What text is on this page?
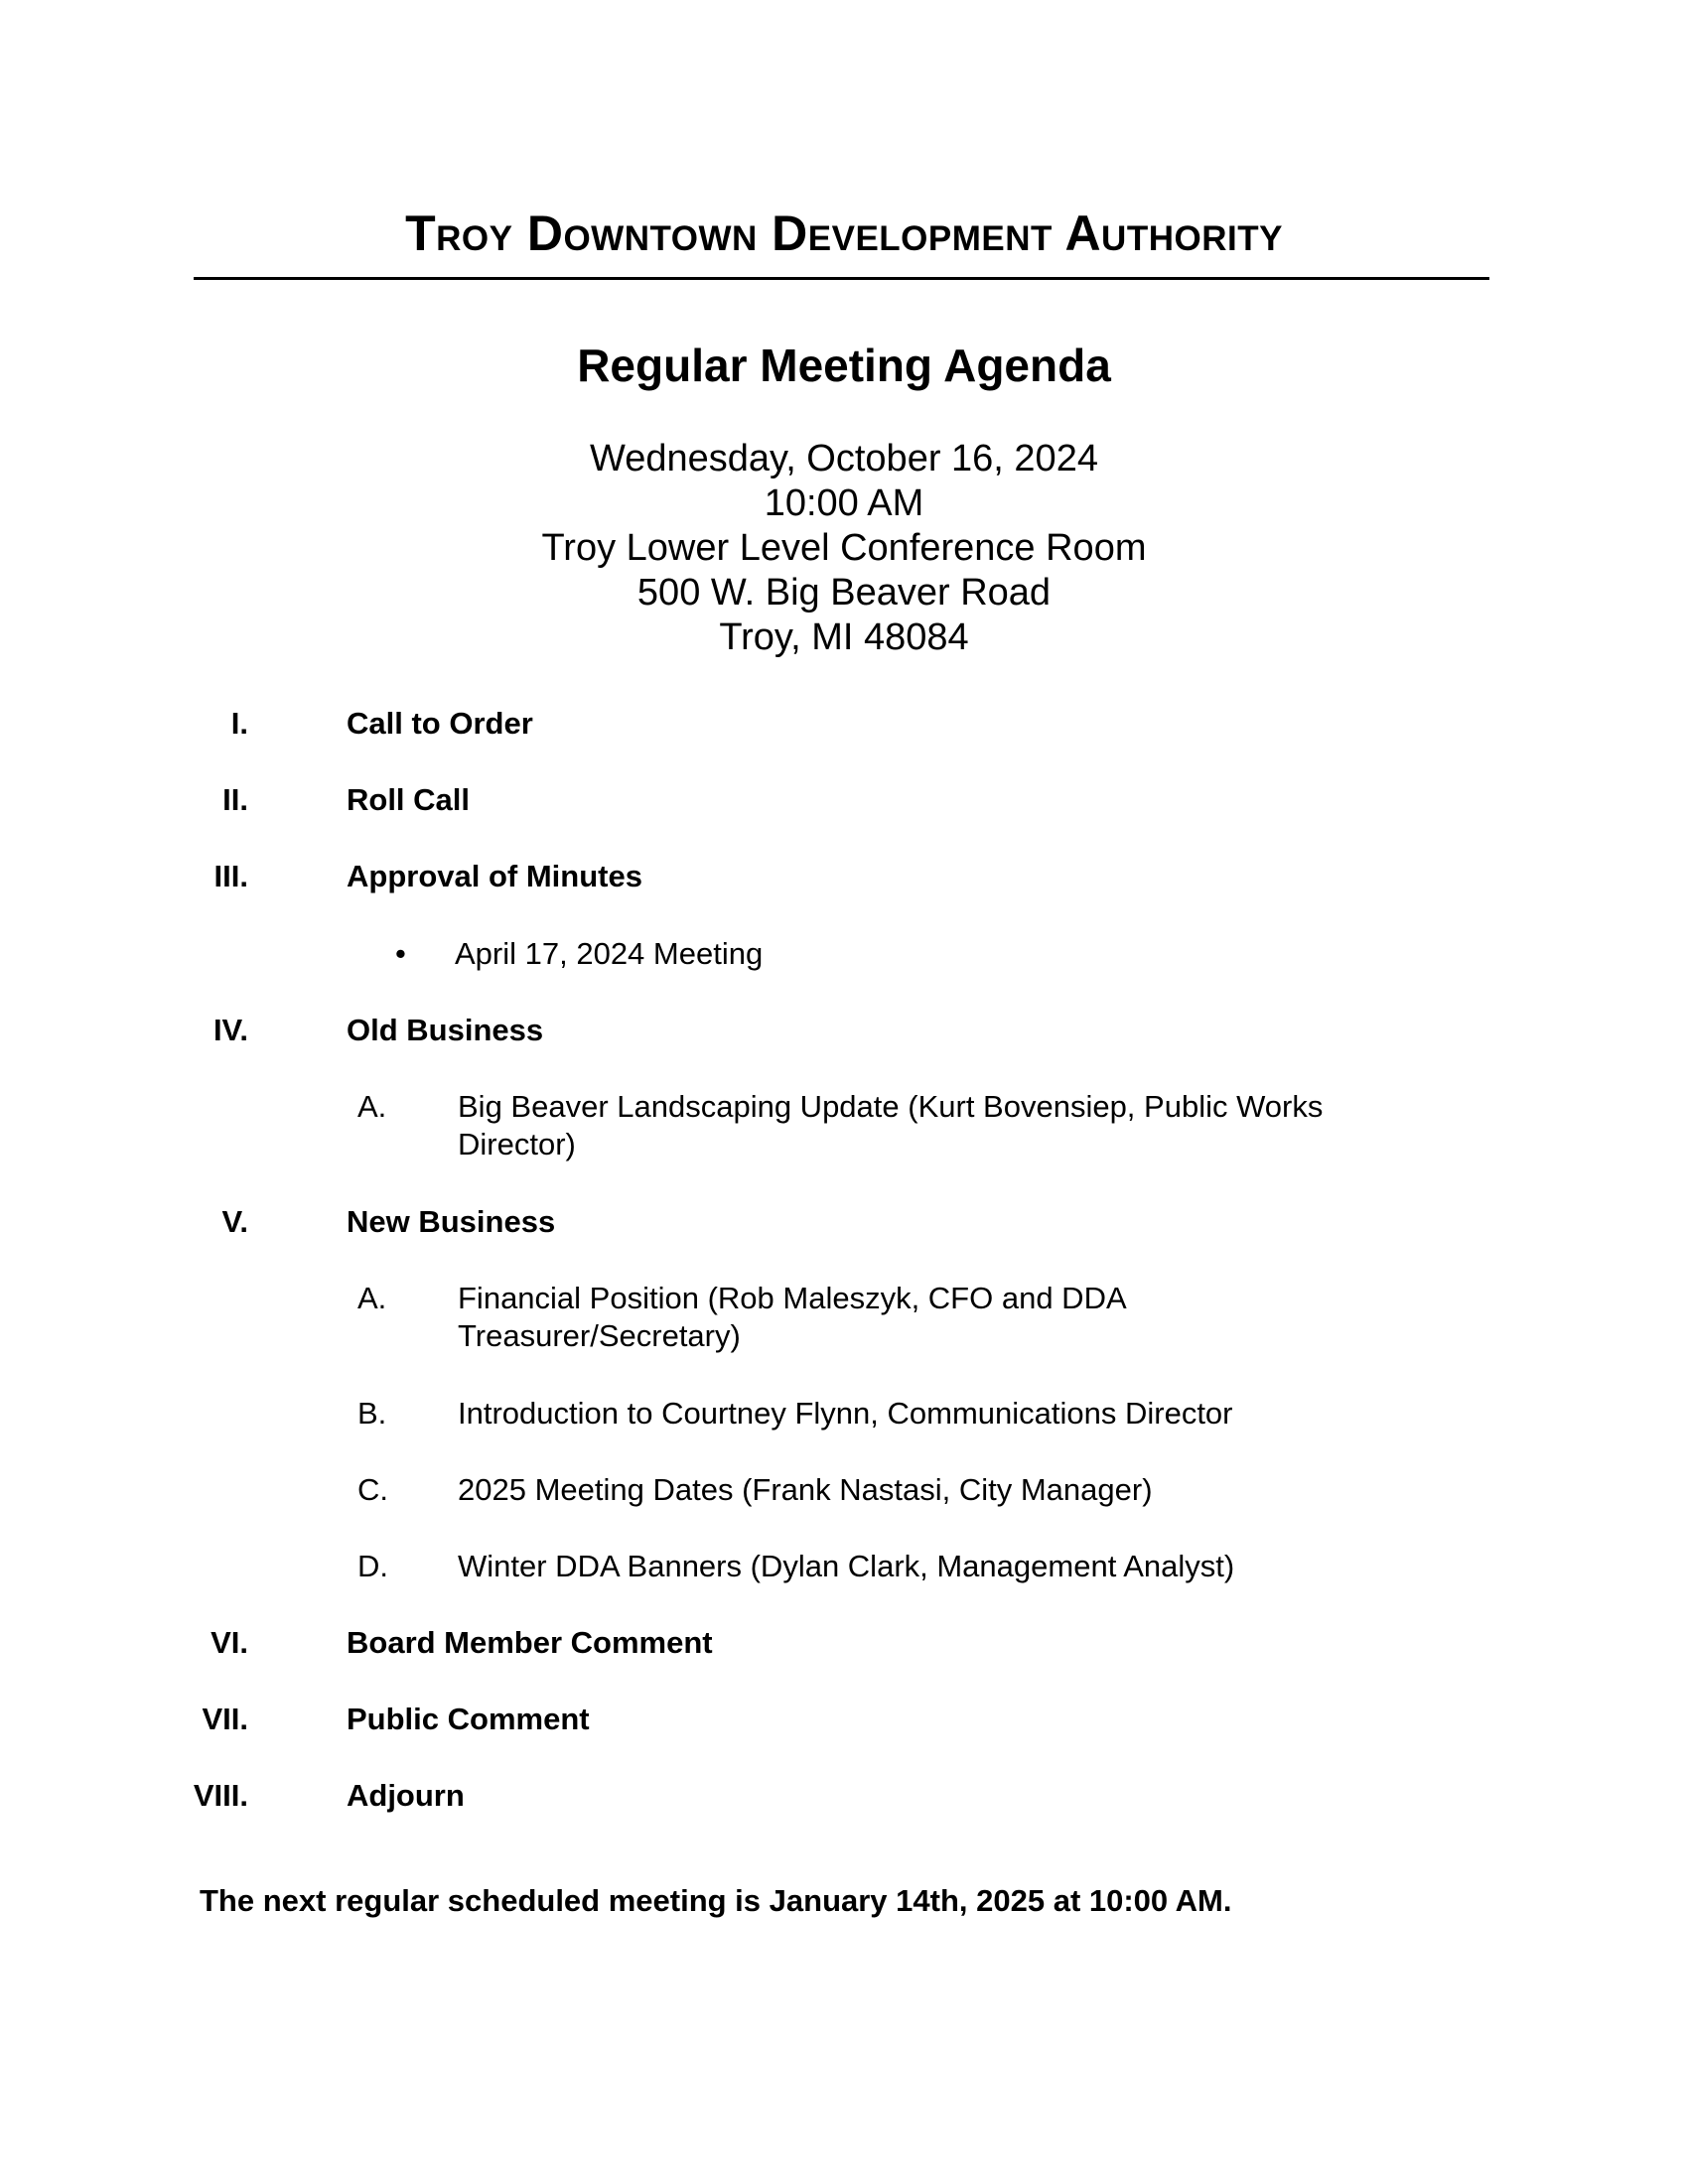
Troy Downtown Development Authority
Regular Meeting Agenda
Wednesday, October 16, 2024
10:00 AM
Troy Lower Level Conference Room
500 W. Big Beaver Road
Troy, MI 48084
I.	Call to Order
II.	Roll Call
III.	Approval of Minutes
• April 17, 2024 Meeting
IV.	Old Business
A. Big Beaver Landscaping Update (Kurt Bovensiep, Public Works Director)
V.	New Business
A. Financial Position (Rob Maleszyk, CFO and DDA Treasurer/Secretary)
B. Introduction to Courtney Flynn, Communications Director
C. 2025 Meeting Dates (Frank Nastasi, City Manager)
D. Winter DDA Banners (Dylan Clark, Management Analyst)
VI.	Board Member Comment
VII.	Public Comment
VIII.	Adjourn
The next regular scheduled meeting is January 14th, 2025 at 10:00 AM.
